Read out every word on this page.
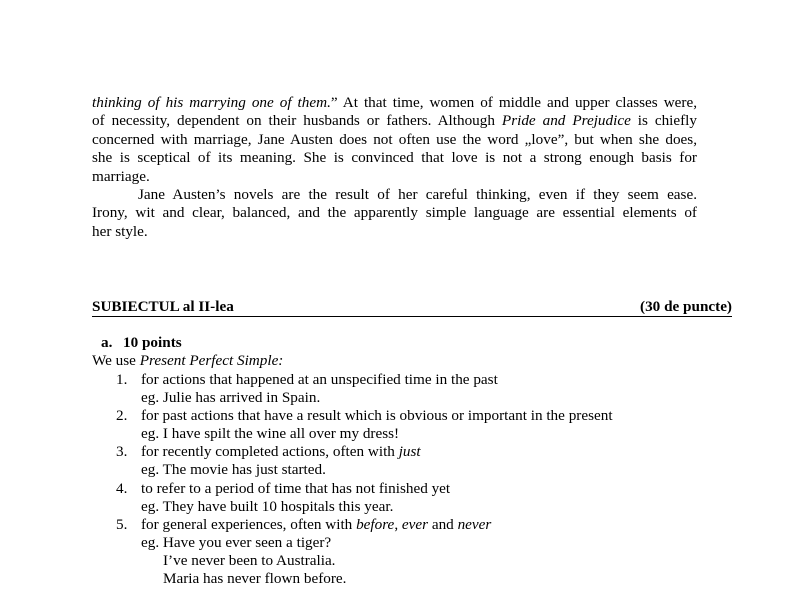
thinking of his marrying one of them.” At that time, women of middle and upper classes were,
of necessity, dependent on their husbands or fathers. Although Pride and Prejudice is chiefly
concerned with marriage, Jane Austen does not often use the word „love”, but when she does,
she is sceptical of its meaning. She is convinced that love is not a strong enough basis for
marriage.
Jane Austen’s novels are the result of her careful thinking, even if they seem ease.
Irony, wit and clear, balanced, and the apparently simple language are essential elements of
her style.
SUBIECTUL al II-lea	(30 de puncte)
a. 10 points
We use Present Perfect Simple:
1. for actions that happened at an unspecified time in the past
eg. Julie has arrived in Spain.
2. for past actions that have a result which is obvious or important in the present
eg. I have spilt the wine all over my dress!
3. for recently completed actions, often with just
eg. The movie has just started.
4. to refer to a period of time that has not finished yet
eg. They have built 10 hospitals this year.
5. for general experiences, often with before, ever and never
eg. Have you ever seen a tiger?
I’ve never been to Australia.
Maria has never flown before.
